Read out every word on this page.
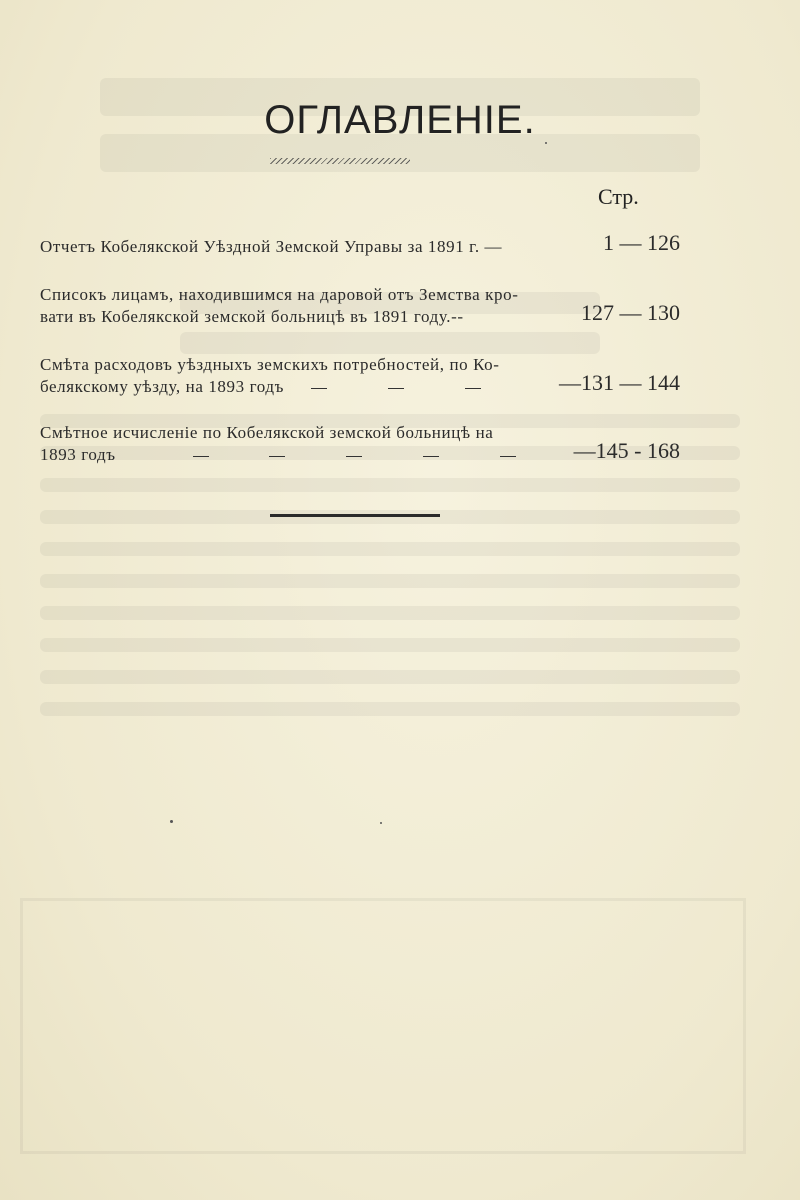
ОГЛАВЛЕНІЕ.
Стр.
Отчетъ Кобелякской Уѣздной Земской Управы за 1891 г. —	1 — 126
Списокъ лицамъ, находившимся на даровой отъ Земства кро-
вати въ Кобелякской земской больницѣ въ 1891 году.--	127 — 130
Смѣта расходовъ уѣздныхъ земскихъ потребностей, по Ко-
белякскому уѣзду, на 1893 годъ	—131 — 144
Смѣтное исчисленіе по Кобелякской земской больницѣ на
1893 годъ	—145 - 168
